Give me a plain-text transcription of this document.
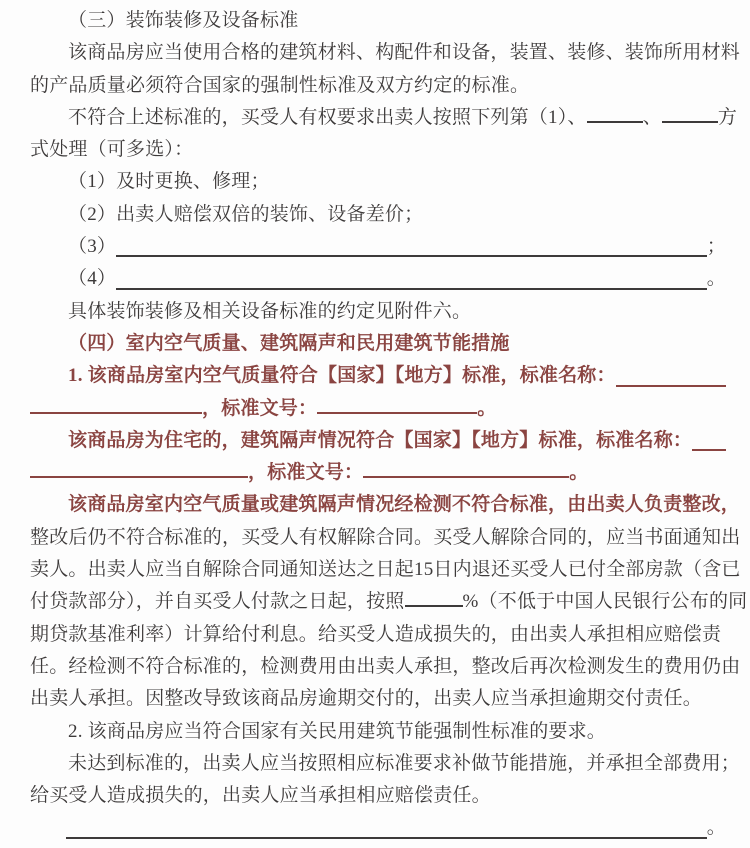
（三）装饰装修及设备标准
该商品房应当使用合格的建筑材料、构配件和设备，装置、装修、装饰所用材料
的产品质量必须符合国家的强制性标准及双方约定的标准。
不符合上述标准的，买受人有权要求出卖人按照下列第（1）、	、	方
式处理（可多选）：
（1）及时更换、修理；
（2）出卖人赔偿双倍的装饰、设备差价；
（3）	；
（4）	。
具体装饰装修及相关设备标准的约定见附件六。
（四）室内空气质量、建筑隔声和民用建筑节能措施
1. 该商品房室内空气质量符合【国家】【地方】标准，标准名称：
，标准文号：	。
该商品房为住宅的，建筑隔声情况符合【国家】【地方】标准，标准名称：
，标准文号：	。
该商品房室内空气质量或建筑隔声情况经检测不符合标准，由出卖人负责整改，
整改后仍不符合标准的，买受人有权解除合同。买受人解除合同的，应当书面通知出
卖人。出卖人应当自解除合同通知送达之日起15日内退还买受人已付全部房款（含已
付贷款部分），并自买受人付款之日起，按照	%（不低于中国人民银行公布的同
期贷款基准利率）计算给付利息。给买受人造成损失的，由出卖人承担相应赔偿责
任。经检测不符合标准的，检测费用由出卖人承担，整改后再次检测发生的费用仍由
出卖人承担。因整改导致该商品房逾期交付的，出卖人应当承担逾期交付责任。
2. 该商品房应当符合国家有关民用建筑节能强制性标准的要求。
未达到标准的，出卖人应当按照相应标准要求补做节能措施，并承担全部费用；
给买受人造成损失的，出卖人应当承担相应赔偿责任。
。
